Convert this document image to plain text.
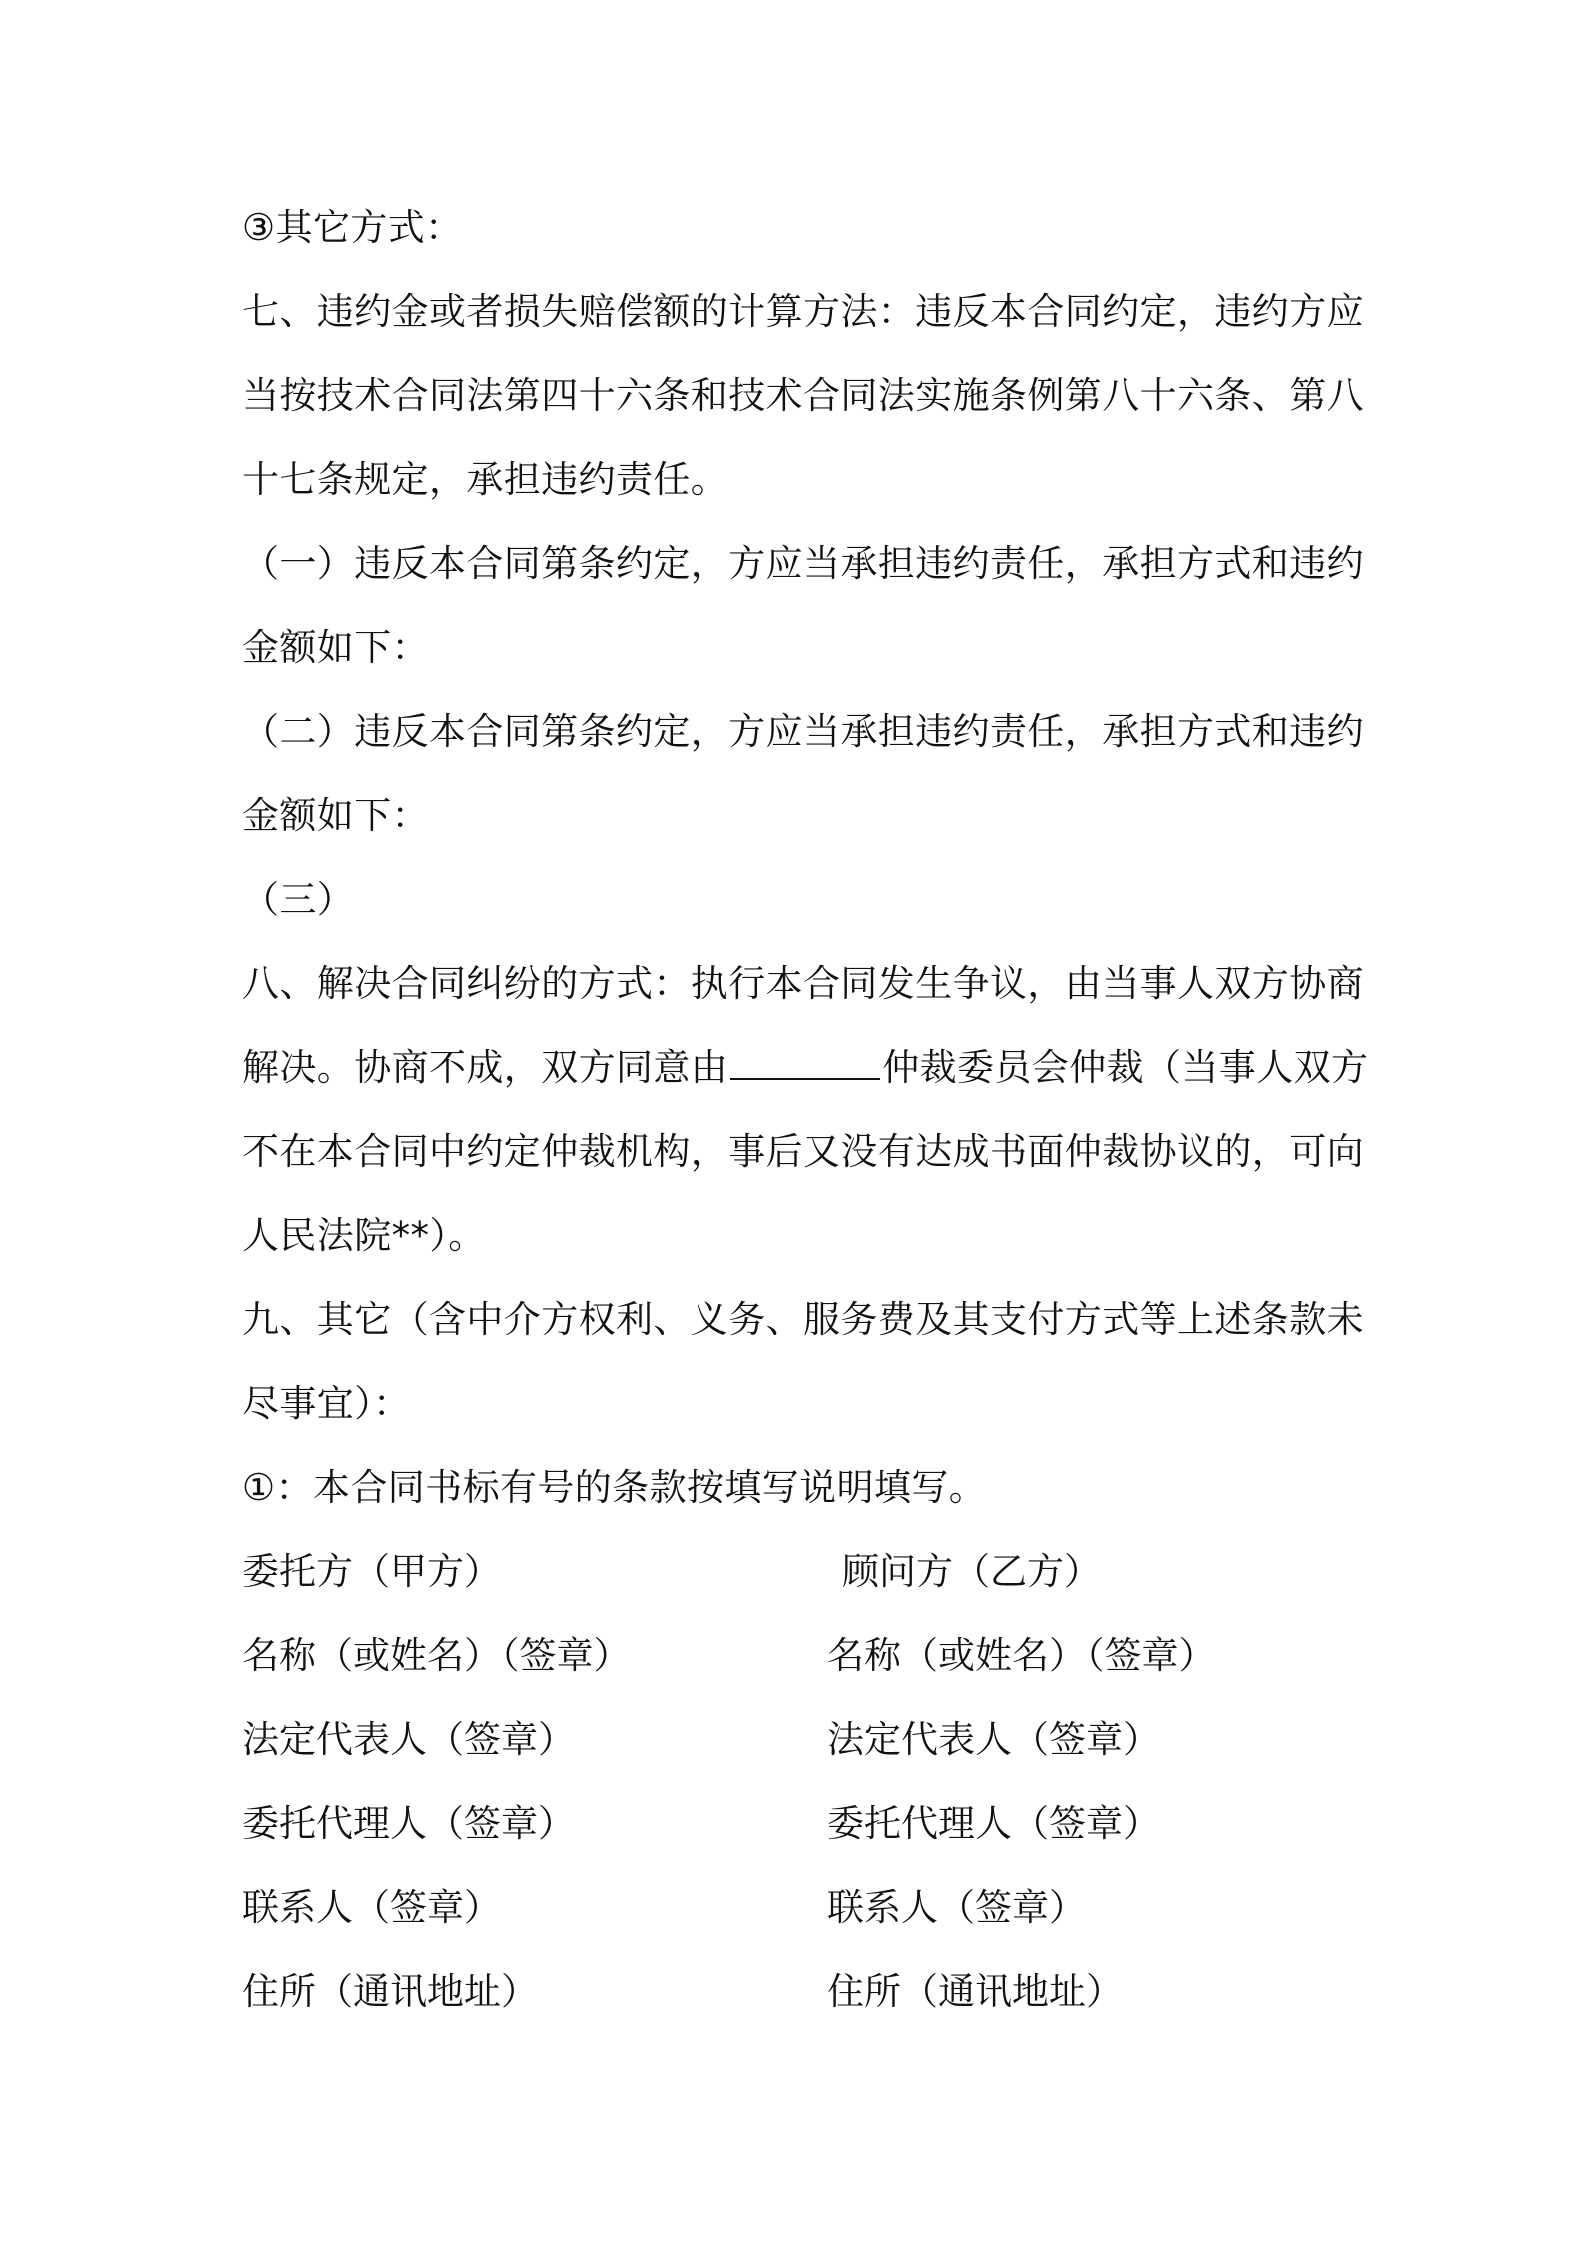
③其它方式：
七、违约金或者损失赔偿额的计算方法：违反本合同约定，违约方应
当按技术合同法第四十六条和技术合同法实施条例第八十六条、第八
十七条规定，承担违约责任。
（一）违反本合同第条约定，方应当承担违约责任，承担方式和违约
金额如下：
（二）违反本合同第条约定，方应当承担违约责任，承担方式和违约
金额如下：
（三）
八、解决合同纠纷的方式：执行本合同发生争议，由当事人双方协商
解决。协商不成，双方同意由	仲裁委员会仲裁（当事人双方
不在本合同中约定仲裁机构，事后又没有达成书面仲裁协议的，可向
人民法院**）。
九、其它（含中介方权利、义务、服务费及其支付方式等上述条款未
尽事宜）：
①：本合同书标有号的条款按填写说明填写。
委托方（甲方）	顾问方（乙方）
名称（或姓名）（签章）	名称（或姓名）（签章）
法定代表人（签章）	法定代表人（签章）
委托代理人（签章）	委托代理人（签章）
联系人（签章）	联系人（签章）
住所（通讯地址）	住所（通讯地址）
